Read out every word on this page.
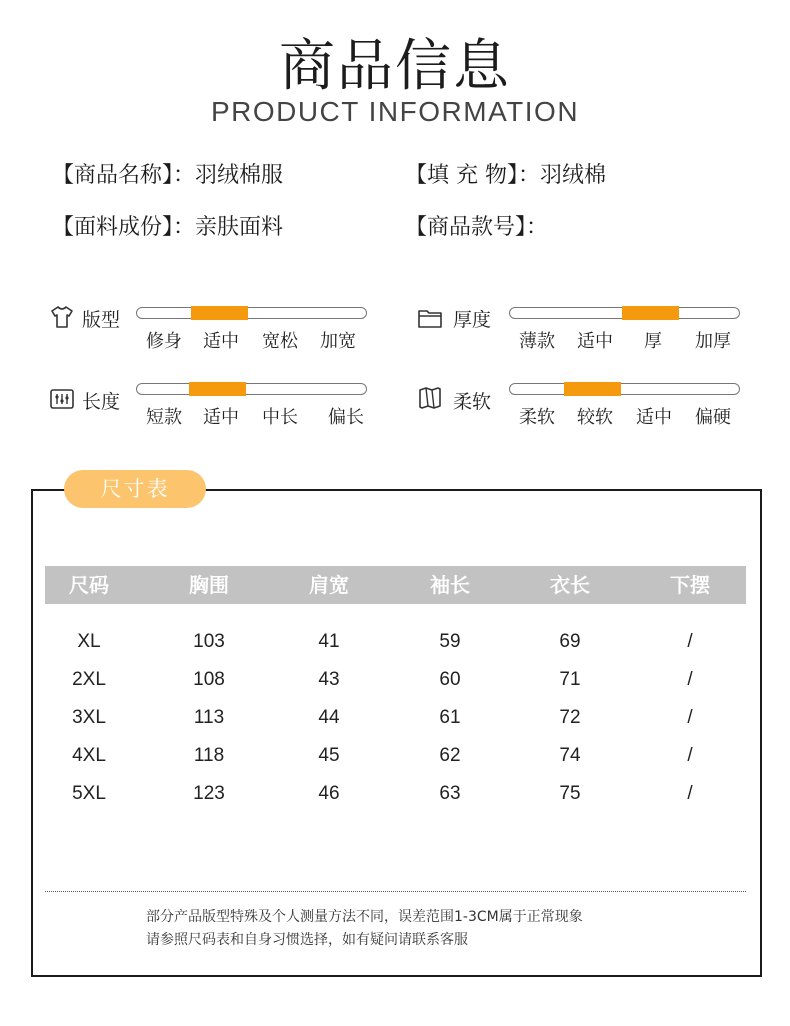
商品信息
PRODUCT INFORMATION
【商品名称】：羽绒棉服	【填 充 物】：羽绒棉
【面料成份】：亲肤面料	【商品款号】：
版型
修身 适中 宽松 加宽
厚度
薄款 适中 厚 加厚
长度
短款 适中 中长 偏长
柔软
柔软 较软 适中 偏硬
尺寸表
尺码	胸围	肩宽	袖长	衣长	下摆
XL	103	41	59	69	/
2XL	108	43	60	71	/
3XL	113	44	61	72	/
4XL	118	45	62	74	/
5XL	123	46	63	75	/
部分产品版型特殊及个人测量方法不同，误差范围1-3CM属于正常现象
请参照尺码表和自身习惯选择，如有疑问请联系客服
